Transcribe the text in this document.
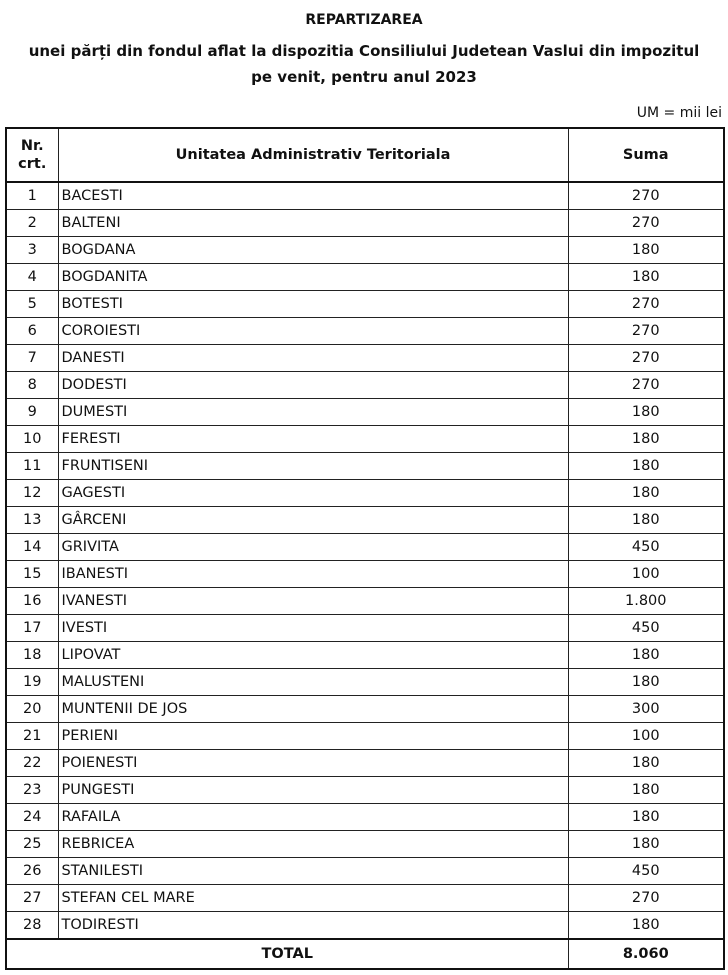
REPARTIZAREA
unei părți din fondul aflat la dispozitia Consiliului Judetean Vaslui din impozitul
pe venit, pentru anul 2023
UM = mii lei
Nr.
crt.	Unitatea Administrativ Teritoriala	Suma
1	BACESTI	270
2	BALTENI	270
3	BOGDANA	180
4	BOGDANITA	180
5	BOTESTI	270
6	COROIESTI	270
7	DANESTI	270
8	DODESTI	270
9	DUMESTI	180
10	FERESTI	180
11	FRUNTISENI	180
12	GAGESTI	180
13	GÂRCENI	180
14	GRIVITA	450
15	IBANESTI	100
16	IVANESTI	1.800
17	IVESTI	450
18	LIPOVAT	180
19	MALUSTENI	180
20	MUNTENII DE JOS	300
21	PERIENI	100
22	POIENESTI	180
23	PUNGESTI	180
24	RAFAILA	180
25	REBRICEA	180
26	STANILESTI	450
27	STEFAN CEL MARE	270
28	TODIRESTI	180
TOTAL		8.060
